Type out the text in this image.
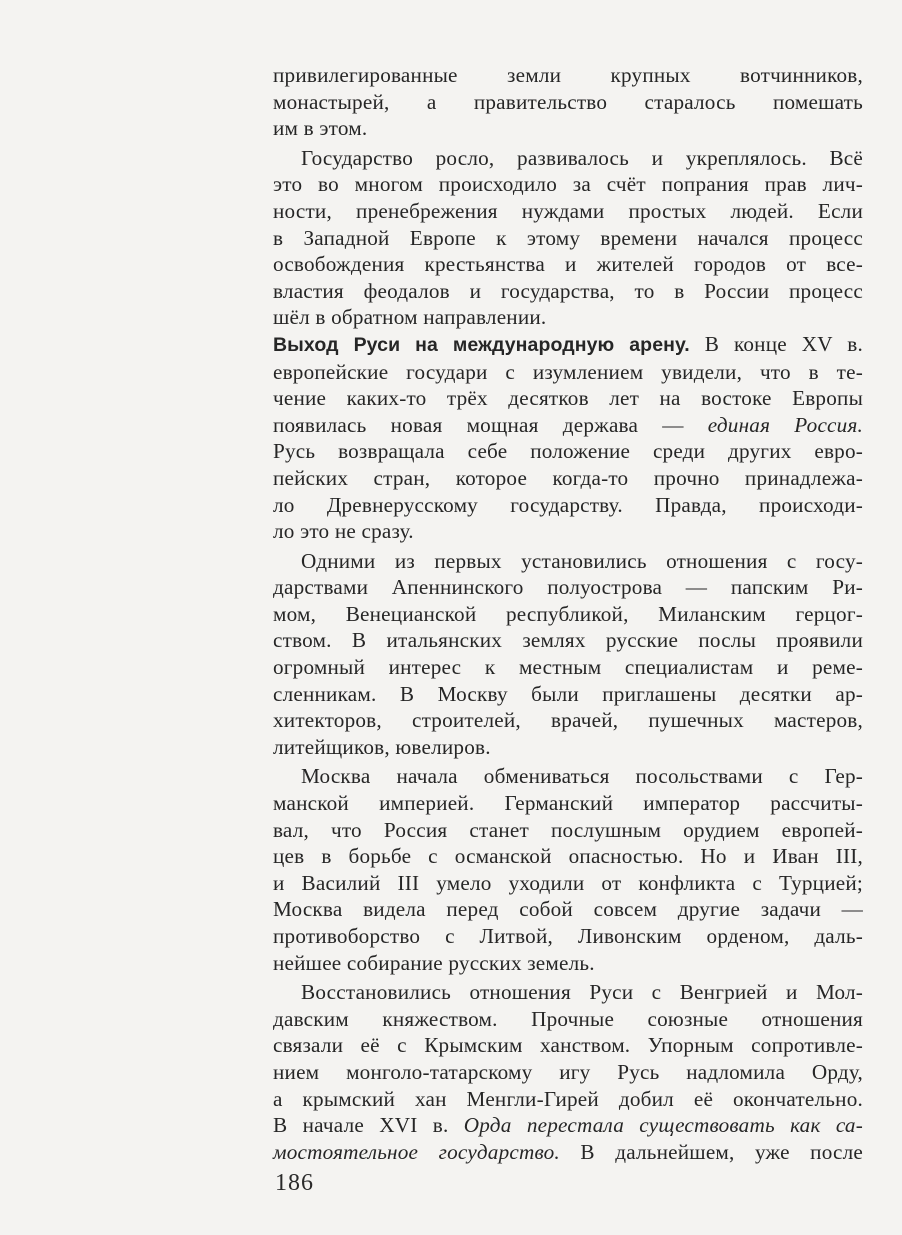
привилегированные земли крупных вотчинников,
монастырей, а правительство старалось помешать
им в этом.
Государство росло, развивалось и укреплялось. Всё
это во многом происходило за счёт попрания прав лич-
ности, пренебрежения нуждами простых людей. Если
в Западной Европе к этому времени начался процесс
освобождения крестьянства и жителей городов от все-
властия феодалов и государства, то в России процесс
шёл в обратном направлении.
Выход Руси на международную арену. В конце XV в.
европейские государи с изумлением увидели, что в те-
чение каких-то трёх десятков лет на востоке Европы
появилась новая мощная держава — единая Россия.
Русь возвращала себе положение среди других евро-
пейских стран, которое когда-то прочно принадлежа-
ло Древнерусскому государству. Правда, происходи-
ло это не сразу.
Одними из первых установились отношения с госу-
дарствами Апеннинского полуострова — папским Ри-
мом, Венецианской республикой, Миланским герцог-
ством. В итальянских землях русские послы проявили
огромный интерес к местным специалистам и реме-
сленникам. В Москву были приглашены десятки ар-
хитекторов, строителей, врачей, пушечных мастеров,
литейщиков, ювелиров.
Москва начала обмениваться посольствами с Гер-
манской империей. Германский император рассчиты-
вал, что Россия станет послушным орудием европей-
цев в борьбе с османской опасностью. Но и Иван III,
и Василий III умело уходили от конфликта с Турцией;
Москва видела перед собой совсем другие задачи —
противоборство с Литвой, Ливонским орденом, даль-
нейшее собирание русских земель.
Восстановились отношения Руси с Венгрией и Мол-
давским княжеством. Прочные союзные отношения
связали её с Крымским ханством. Упорным сопротивле-
нием монголо-татарскому игу Русь надломила Орду,
а крымский хан Менгли-Гирей добил её окончательно.
В начале XVI в. Орда перестала существовать как са-
мостоятельное государство. В дальнейшем, уже после
186
